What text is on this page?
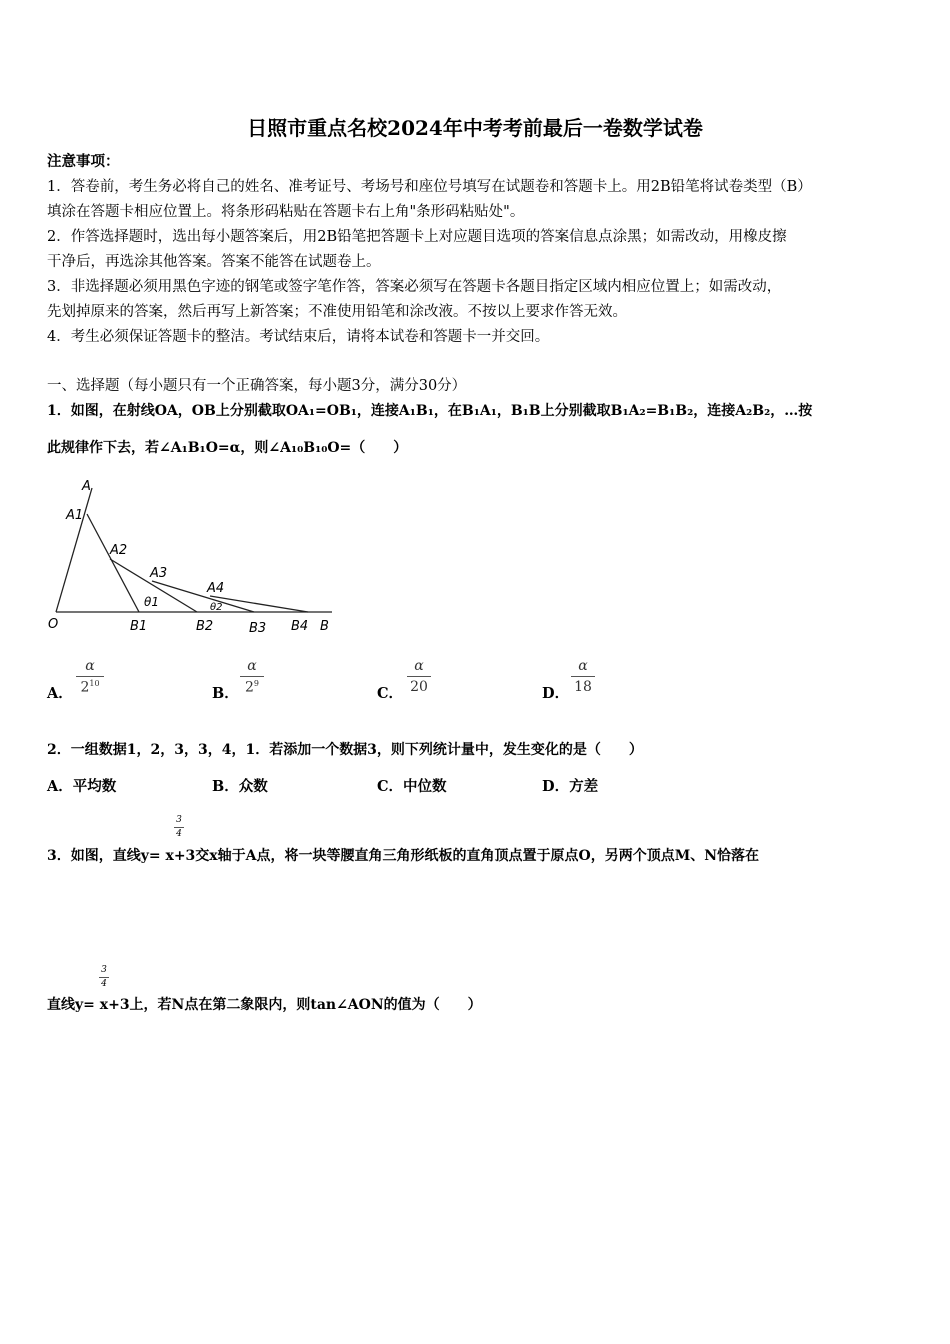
日照市重点名校2024年中考考前最后一卷数学试卷
注意事项：
1．答卷前，考生务必将自己的姓名、准考证号、考场号和座位号填写在试题卷和答题卡上。用2B铅笔将试卷类型（B）
填涂在答题卡相应位置上。将条形码粘贴在答题卡右上角"条形码粘贴处"。
2．作答选择题时，选出每小题答案后，用2B铅笔把答题卡上对应题目选项的答案信息点涂黑；如需改动，用橡皮擦
干净后，再选涂其他答案。答案不能答在试题卷上。
3．非选择题必须用黑色字迹的钢笔或签字笔作答，答案必须写在答题卡各题目指定区域内相应位置上；如需改动，
先划掉原来的答案，然后再写上新答案；不准使用铅笔和涂改液。不按以上要求作答无效。
4．考生必须保证答题卡的整洁。考试结束后，请将本试卷和答题卡一并交回。
一、选择题（每小题只有一个正确答案，每小题3分，满分30分）
1．如图，在射线OA，OB上分别截取OA₁=OB₁，连接A₁B₁，在B₁A₁，B₁B上分别截取B₁A₂=B₁B₂，连接A₂B₂，…按
此规律作下去，若∠A₁B₁O=α，则∠A₁₀B₁₀O=（　　）
A
A1
A2
A3
A4
O	B1	B2	B3 B4 B
θ1	θ2
A．
α
$2^{10}$
B．
α
$2^9$
C．
α
20	D．
α
18
2．一组数据1，2，3，3，4，1．若添加一个数据3，则下列统计量中，发生变化的是（　　）
A．平均数	B．众数	C．中位数	D．方差
3
4
3．如图，直线y= x+3交x轴于A点，将一块等腰直角三角形纸板的直角顶点置于原点O，另两个顶点M、N恰落在
3
4
直线y= x+3上，若N点在第二象限内，则tan∠AON的值为（　　）
